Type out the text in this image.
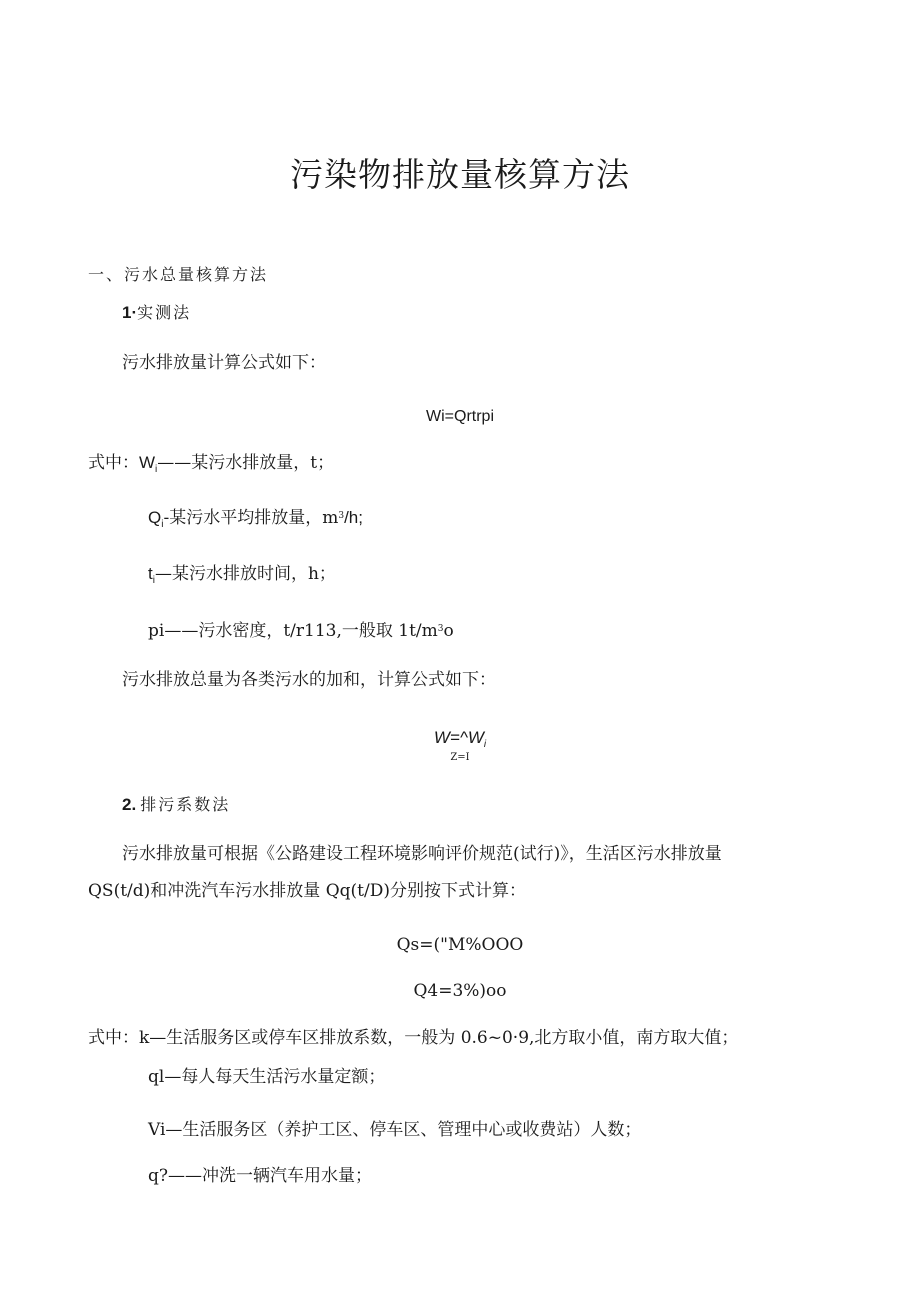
污染物排放量核算方法
一、污水总量核算方法
1·实测法
污水排放量计算公式如下：
Wi=Qrtrpi
式中：$W_i——$某污水排放量，t；
$Q_i-$某污水平均排放量，$m^3/h$;
$t_i—$某污水排放时间，h；
pi——污水密度，t/r113,一般取 $1t/m^3o$
污水排放总量为各类污水的加和，计算公式如下：
$W=\^{}W_i$
Z=I
2. 排污系数法
污水排放量可根据《公路建设工程环境影响评价规范(试行)》，生活区污水排放量
QS(t/d)和冲洗汽车污水排放量 Qq(t/D)分别按下式计算：
Qs=("M%OOO
Q4=3%)oo
式中：k—生活服务区或停车区排放系数，一般为 0.6~0·9,北方取小值，南方取大值；
ql—每人每天生活污水量定额；
Vi—生活服务区（养护工区、停车区、管理中心或收费站）人数；
q?——冲洗一辆汽车用水量；
